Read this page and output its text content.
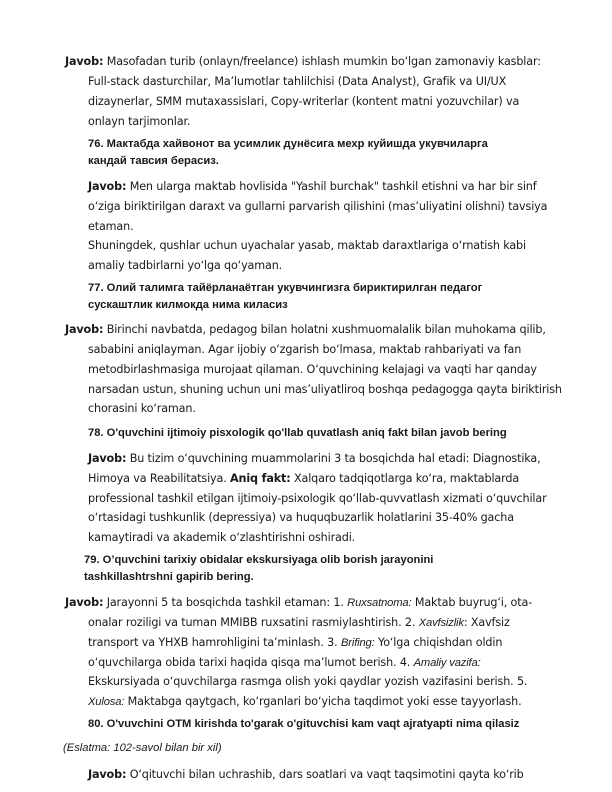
Javob: Masofadan turib (onlayn/freelance) ishlash mumkin bo‘lgan zamonaviy kasblar:
Full-stack dasturchilar, Ma’lumotlar tahlilchisi (Data Analyst), Grafik va UI/UX
dizaynerlar, SMM mutaxassislari, Copy-writerlar (kontent matni yozuvchilar) va
onlayn tarjimonlar.
76. Мактабда хайвонот ва усимлик дунёсига мехр куйишда укувчиларга
кандай тавсия берасиз.
Javob: Men ularga maktab hovlisida "Yashil burchak" tashkil etishni va har bir sinf
o‘ziga biriktirilgan daraxt va gullarni parvarish qilishini (mas’uliyatini olishni) tavsiya
etaman.
Shuningdek, qushlar uchun uyachalar yasab, maktab daraxtlariga o‘rnatish kabi
amaliy tadbirlarni yo‘lga qo‘yaman.
77. Олий талимга тайёрланаётган укувчингизга бириктирилган педагог
сускаштлик килмокда нима киласиз
Javob: Birinchi navbatda, pedagog bilan holatni xushmuomalalik bilan muhokama qilib,
sababini aniqlayman. Agar ijobiy o‘zgarish bo‘lmasa, maktab rahbariyati va fan
metodbirlashmasiga murojaat qilaman. O‘quvchining kelajagi va vaqti har qanday
narsadan ustun, shuning uchun uni mas’uliyatliroq boshqa pedagogga qayta biriktirish
chorasini ko‘raman.
78. O'quvchini ijtimoiy pisxologik qo'llab quvatlash aniq fakt bilan javob bering
Javob: Bu tizim o‘quvchining muammolarini 3 ta bosqichda hal etadi: Diagnostika,
Himoya va Reabilitatsiya. Aniq fakt: Xalqaro tadqiqotlarga ko‘ra, maktablarda
professional tashkil etilgan ijtimoiy-psixologik qo‘llab-quvvatlash xizmati o‘quvchilar
o‘rtasidagi tushkunlik (depressiya) va huquqbuzarlik holatlarini 35-40% gacha
kamaytiradi va akademik o‘zlashtirishni oshiradi.
79. O’quvchini tarixiy obidalar ekskursiyaga olib borish jarayonini
tashkillashtrshni gapirib bering.
Javob: Jarayonni 5 ta bosqichda tashkil etaman: 1. Ruxsatnoma: Maktab buyrug‘i, ota-
onalar roziligi va tuman MMIBB ruxsatini rasmiylashtirish. 2. Xavfsizlik: Xavfsiz
transport va YHXB hamrohligini ta’minlash. 3. Brifing: Yo‘lga chiqishdan oldin
o‘quvchilarga obida tarixi haqida qisqa ma’lumot berish. 4. Amaliy vazifa:
Ekskursiyada o‘quvchilarga rasmga olish yoki qaydlar yozish vazifasini berish. 5.
Xulosa: Maktabga qaytgach, ko‘rganlari bo‘yicha taqdimot yoki esse tayyorlash.
80. O'vuvchini OTM kirishda to'garak o'gituvchisi kam vaqt ajratyapti nima qilasiz
(Eslatma: 102-savol bilan bir xil)
Javob: O‘qituvchi bilan uchrashib, dars soatlari va vaqt taqsimotini qayta ko‘rib
